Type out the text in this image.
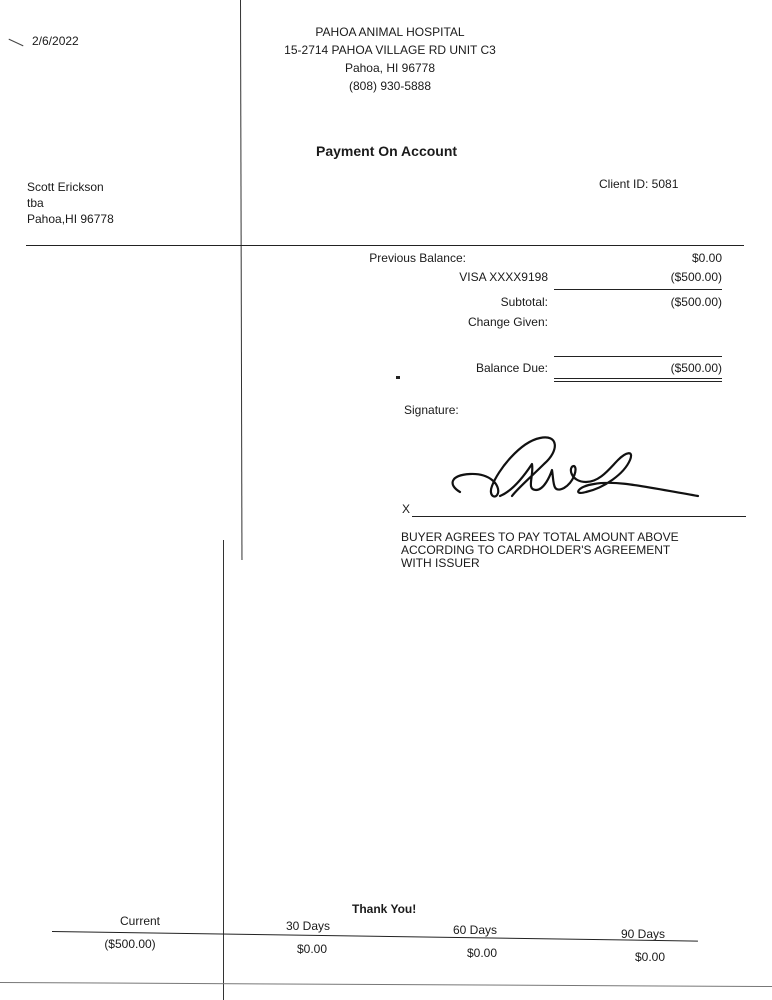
2/6/2022
PAHOA ANIMAL HOSPITAL
15-2714 PAHOA VILLAGE RD UNIT C3
Pahoa, HI 96778
(808) 930-5888
Payment On Account
Scott Erickson
tba
Pahoa,HI 96778
Client ID: 5081
Previous Balance:	$0.00
VISA XXXX9198	($500.00)
Subtotal:	($500.00)
Change Given:
Balance Due:	($500.00)
Signature:
X
BUYER AGREES TO PAY TOTAL AMOUNT ABOVE
ACCORDING TO CARDHOLDER'S AGREEMENT
WITH ISSUER
Thank You!
Current	30 Days	60 Days	90 Days
($500.00)	$0.00	$0.00	$0.00
